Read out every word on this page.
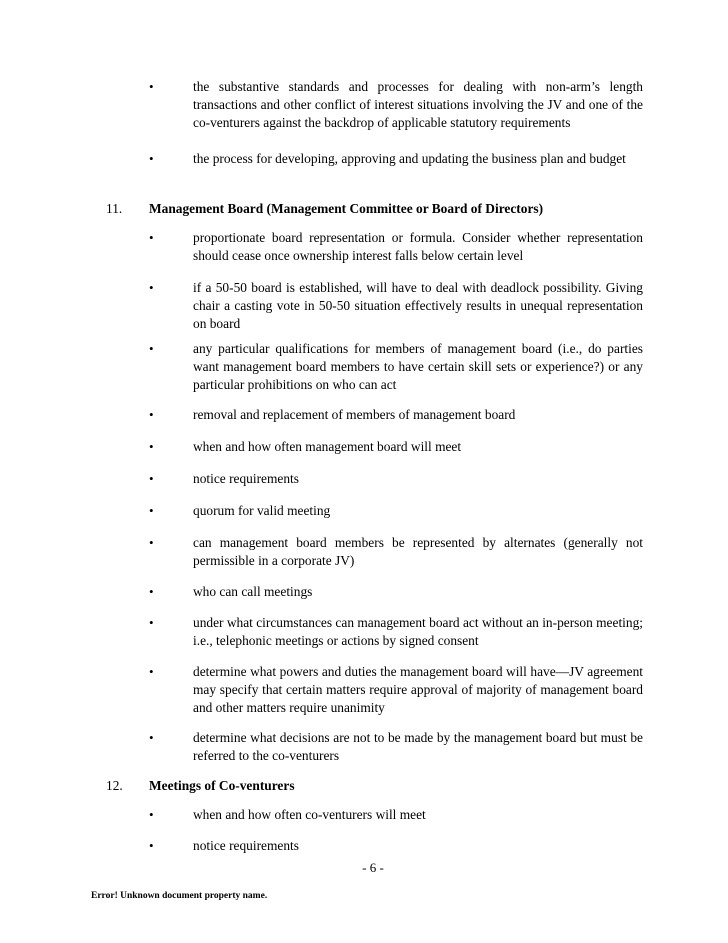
•	the substantive standards and processes for dealing with non-arm’s length transactions and other conflict of interest situations involving the JV and one of the co-venturers against the backdrop of applicable statutory requirements
•	the process for developing, approving and updating the business plan and budget
11. Management Board (Management Committee or Board of Directors)
•	proportionate board representation or formula. Consider whether representation should cease once ownership interest falls below certain level
•	if a 50-50 board is established, will have to deal with deadlock possibility. Giving chair a casting vote in 50-50 situation effectively results in unequal representation on board
•	any particular qualifications for members of management board (i.e., do parties want management board members to have certain skill sets or experience?) or any particular prohibitions on who can act
•	removal and replacement of members of management board
•	when and how often management board will meet
•	notice requirements
•	quorum for valid meeting
•	can management board members be represented by alternates (generally not permissible in a corporate JV)
•	who can call meetings
•	under what circumstances can management board act without an in-person meeting; i.e., telephonic meetings or actions by signed consent
•	determine what powers and duties the management board will have—JV agreement may specify that certain matters require approval of majority of management board and other matters require unanimity
•	determine what decisions are not to be made by the management board but must be referred to the co-venturers
12. Meetings of Co-venturers
•	when and how often co-venturers will meet
•	notice requirements
- 6 -
Error! Unknown document property name.
